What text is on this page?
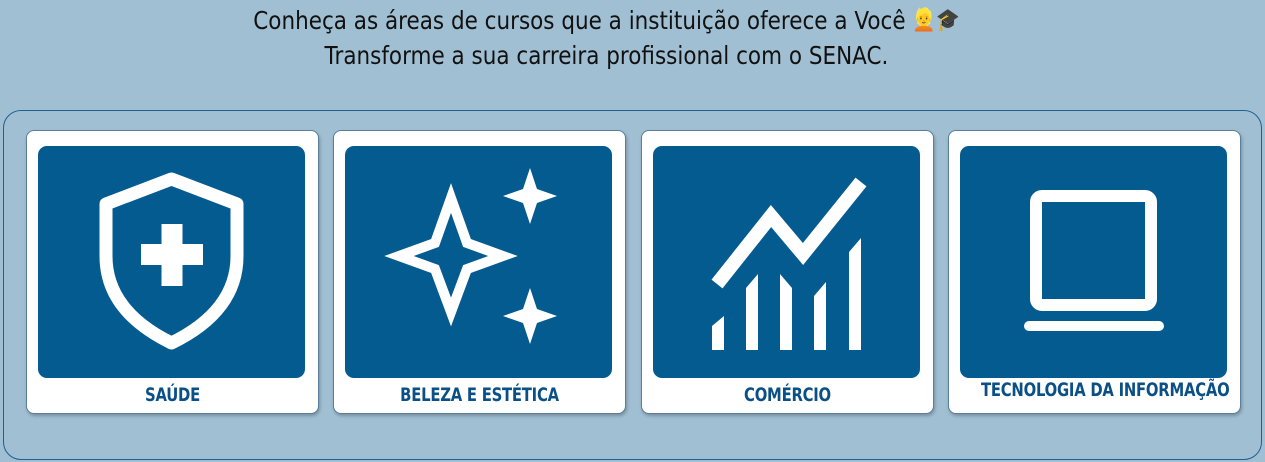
Conheça as áreas de cursos que a instituição oferece a Você 👱🎓
Transforme a sua carreira profissional com o SENAC.
SAÚDE	BELEZA E ESTÉTICA	COMÉRCIO	TECNOLOGIA DA INFORMAÇÃO
